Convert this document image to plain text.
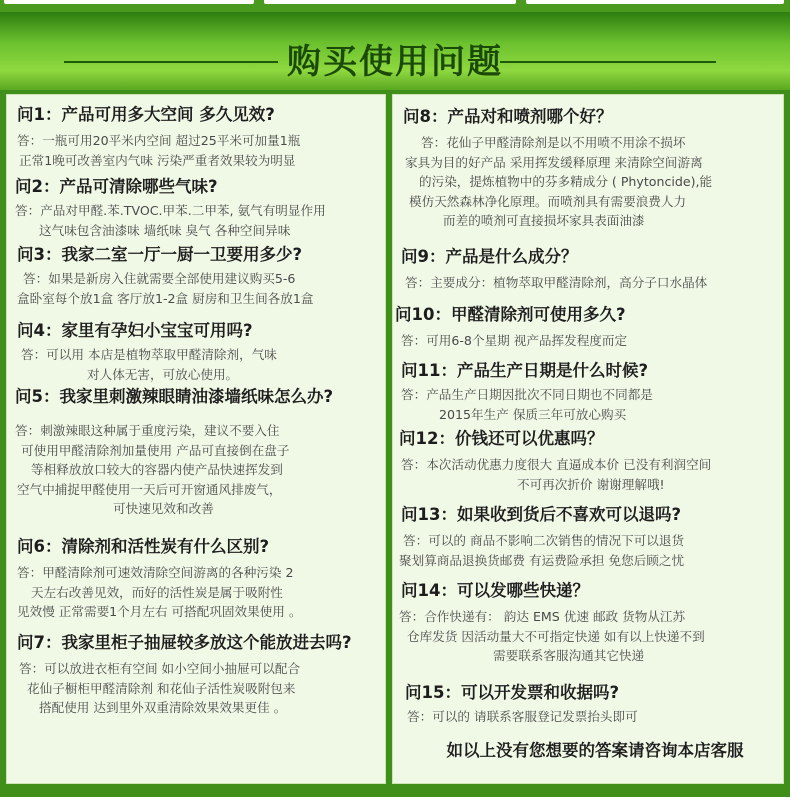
购买使用问题
问1：产品可用多大空间 多久见效?
答：一瓶可用20平米内空间 超过25平米可加量1瓶
正常1晚可改善室内气味 污染严重者效果较为明显
问2：产品可清除哪些气味?
答：产品对甲醛.苯.TVOC.甲苯.二甲苯, 氨气有明显作用
这气味包含油漆味 墙纸味 臭气 各种空间异味
问3：我家二室一厅一厨一卫要用多少?
答：如果是新房入住就需要全部使用建议购买5-6
盒卧室每个放1盒 客厅放1-2盒 厨房和卫生间各放1盒
问4：家里有孕妇小宝宝可用吗?
答：可以用 本店是植物萃取甲醛清除剂，气味
对人体无害，可放心使用。
问5：我家里刺激辣眼睛油漆墙纸味怎么办?
答：刺激辣眼这种属于重度污染，建议不要入住
可使用甲醛清除剂加量使用 产品可直接倒在盘子
等相释放放口较大的容器内使产品快速挥发到
空气中捕捉甲醛使用一天后可开窗通风排废气，
可快速见效和改善
问6：清除剂和活性炭有什么区别?
答：甲醛清除剂可速效清除空间游离的各种污染 2
天左右改善见效，而好的活性炭是属于吸附性
见效慢 正常需要1个月左右 可搭配巩固效果使用 。
问7：我家里柜子抽屉较多放这个能放进去吗?
答：可以放进衣柜有空间 如小空间小抽屉可以配合
花仙子橱柜甲醛清除剂 和花仙子活性炭吸附包来
搭配使用 达到里外双重清除效果效果更佳 。
问8：产品对和喷剂哪个好？
答：花仙子甲醛清除剂是以不用喷不用涂不损坏
家具为目的好产品 采用挥发缓释原理 来清除空间游离
的污染，提炼植物中的芬多精成分 ( Phytoncide),能
模仿天然森林净化原理。而喷剂具有需要浪费人力
而差的喷剂可直接损坏家具表面油漆
问9：产品是什么成分？
答：主要成分：植物萃取甲醛清除剂，高分子口水晶体
问10：甲醛清除剂可使用多久?
答：可用6-8个星期 视产品挥发程度而定
问11：产品生产日期是什么时候?
答：产品生产日期因批次不同日期也不同都是
2015年生产 保质三年可放心购买
问12：价钱还可以优惠吗？
答：本次活动优惠力度很大 直逼成本价 已没有利润空间
不可再次折价 谢谢理解哦!
问13：如果收到货后不喜欢可以退吗?
答：可以的 商品不影响二次销售的情况下可以退货
聚划算商品退换货邮费 有运费险承担 免您后顾之忧
问14：可以发哪些快递？
答：合作快递有： 韵达 EMS 优速 邮政 货物从江苏
仓库发货 因活动量大不可指定快递 如有以上快递不到
需要联系客服沟通其它快递
问15：可以开发票和收据吗?
答：可以的 请联系客服登记发票抬头即可
如以上没有您想要的答案请咨询本店客服
